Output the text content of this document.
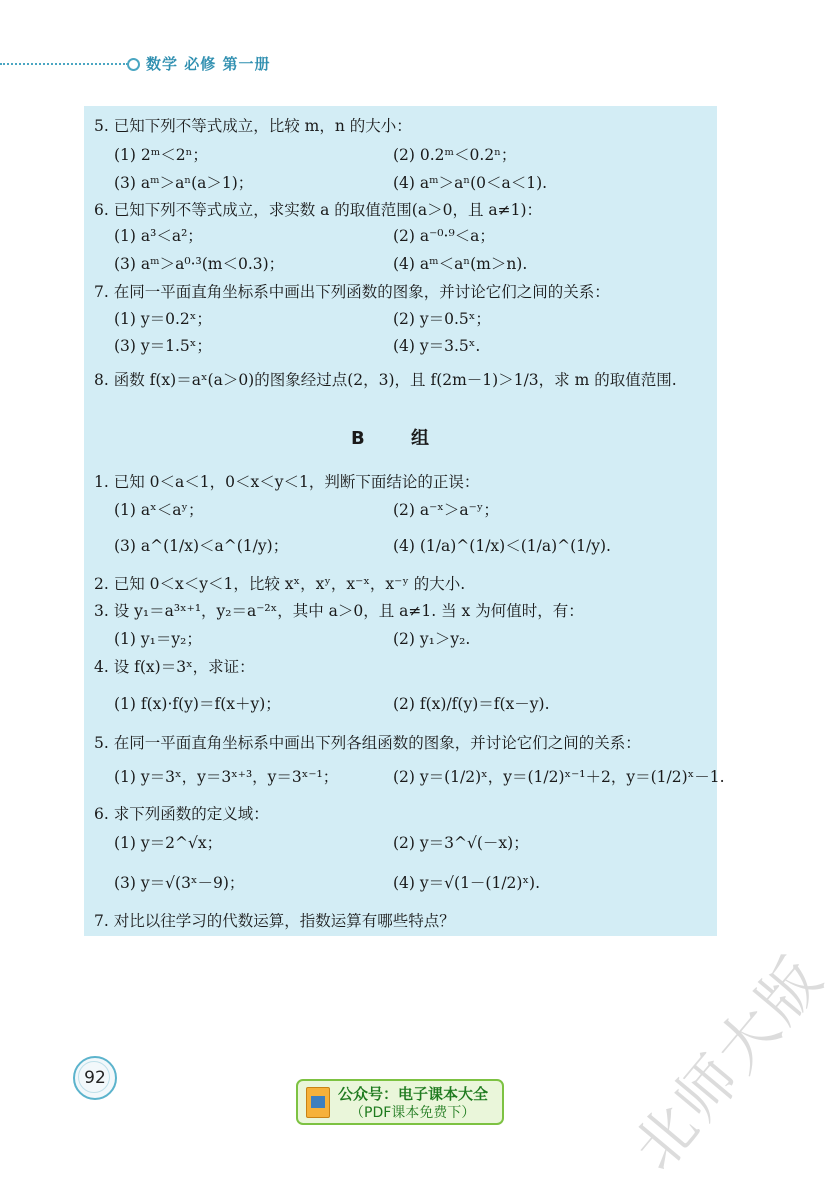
数学 必修 第一册
5. 已知下列不等式成立，比较 m，n 的大小：
(1) 2ᵐ＜2ⁿ；	(2) 0.2ᵐ＜0.2ⁿ；
(3) aᵐ＞aⁿ(a＞1)；	(4) aᵐ＞aⁿ(0＜a＜1).
6. 已知下列不等式成立，求实数 a 的取值范围(a＞0，且 a≠1)：
(1) a³＜a²；	(2) a⁻⁰·⁹＜a；
(3) aᵐ＞a⁰·³(m＜0.3)；	(4) aᵐ＜aⁿ(m＞n).
7. 在同一平面直角坐标系中画出下列函数的图象，并讨论它们之间的关系：
(1) y＝0.2ˣ；	(2) y＝0.5ˣ；
(3) y＝1.5ˣ；	(4) y＝3.5ˣ.
8. 函数 f(x)＝aˣ(a＞0)的图象经过点(2，3)，且 f(2m－1)＞1/3，求 m 的取值范围.
B 组
1. 已知 0＜a＜1，0＜x＜y＜1，判断下面结论的正误：
(1) aˣ＜aʸ；	(2) a⁻ˣ＞a⁻ʸ；
(3) a^(1/x)＜a^(1/y)；	(4) (1/a)^(1/x)＜(1/a)^(1/y).
2. 已知 0＜x＜y＜1，比较 xˣ，xʸ，x⁻ˣ，x⁻ʸ 的大小.
3. 设 y₁＝a³ˣ⁺¹，y₂＝a⁻²ˣ，其中 a＞0，且 a≠1. 当 x 为何值时，有：
(1) y₁＝y₂；	(2) y₁＞y₂.
4. 设 f(x)＝3ˣ，求证：
(1) f(x)·f(y)＝f(x＋y)；	(2) f(x)/f(y)＝f(x－y).
5. 在同一平面直角坐标系中画出下列各组函数的图象，并讨论它们之间的关系：
(1) y＝3ˣ，y＝3ˣ⁺³，y＝3ˣ⁻¹；	(2) y＝(1/2)ˣ，y＝(1/2)ˣ⁻¹＋2，y＝(1/2)ˣ－1.
6. 求下列函数的定义域：
(1) y＝2^√x；	(2) y＝3^√(－x)；
(3) y＝√(3ˣ－9)；	(4) y＝√(1－(1/2)ˣ).
7. 对比以往学习的代数运算，指数运算有哪些特点？
北师大版
92
公众号：电子课本大全
（PDF课本免费下）
